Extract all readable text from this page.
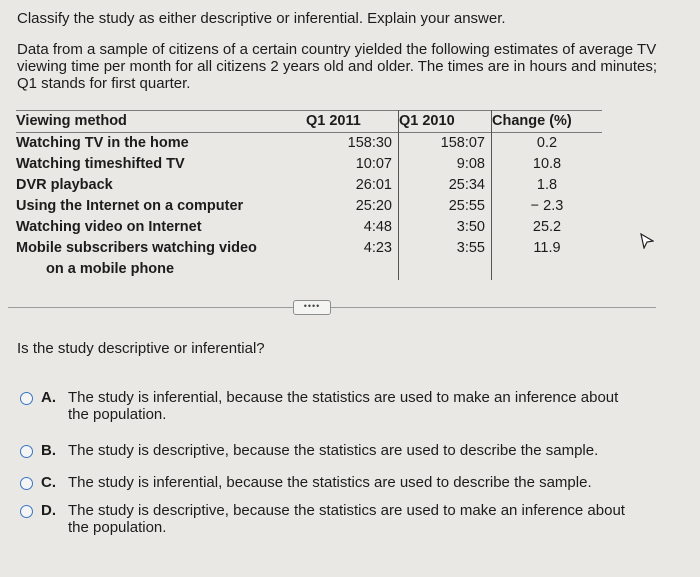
Classify the study as either descriptive or inferential. Explain your answer.
Data from a sample of citizens of a certain country yielded the following estimates of average TV viewing time per month for all citizens 2 years old and older. The times are in hours and minutes; Q1 stands for first quarter.
Viewing method	Q1 2011	Q1 2010	Change (%)
Watching TV in the home	158:30	158:07	0.2
Watching timeshifted TV	10:07	9:08	10.8
DVR playback	26:01	25:34	1.8
Using the Internet on a computer	25:20	25:55	− 2.3
Watching video on Internet	4:48	3:50	25.2
Mobile subscribers watching video
on a mobile phone	4:23	3:55	11.9
••••
Is the study descriptive or inferential?
A. The study is inferential, because the statistics are used to make an inference about the population.
B. The study is descriptive, because the statistics are used to describe the sample.
C. The study is inferential, because the statistics are used to describe the sample.
D. The study is descriptive, because the statistics are used to make an inference about the population.
